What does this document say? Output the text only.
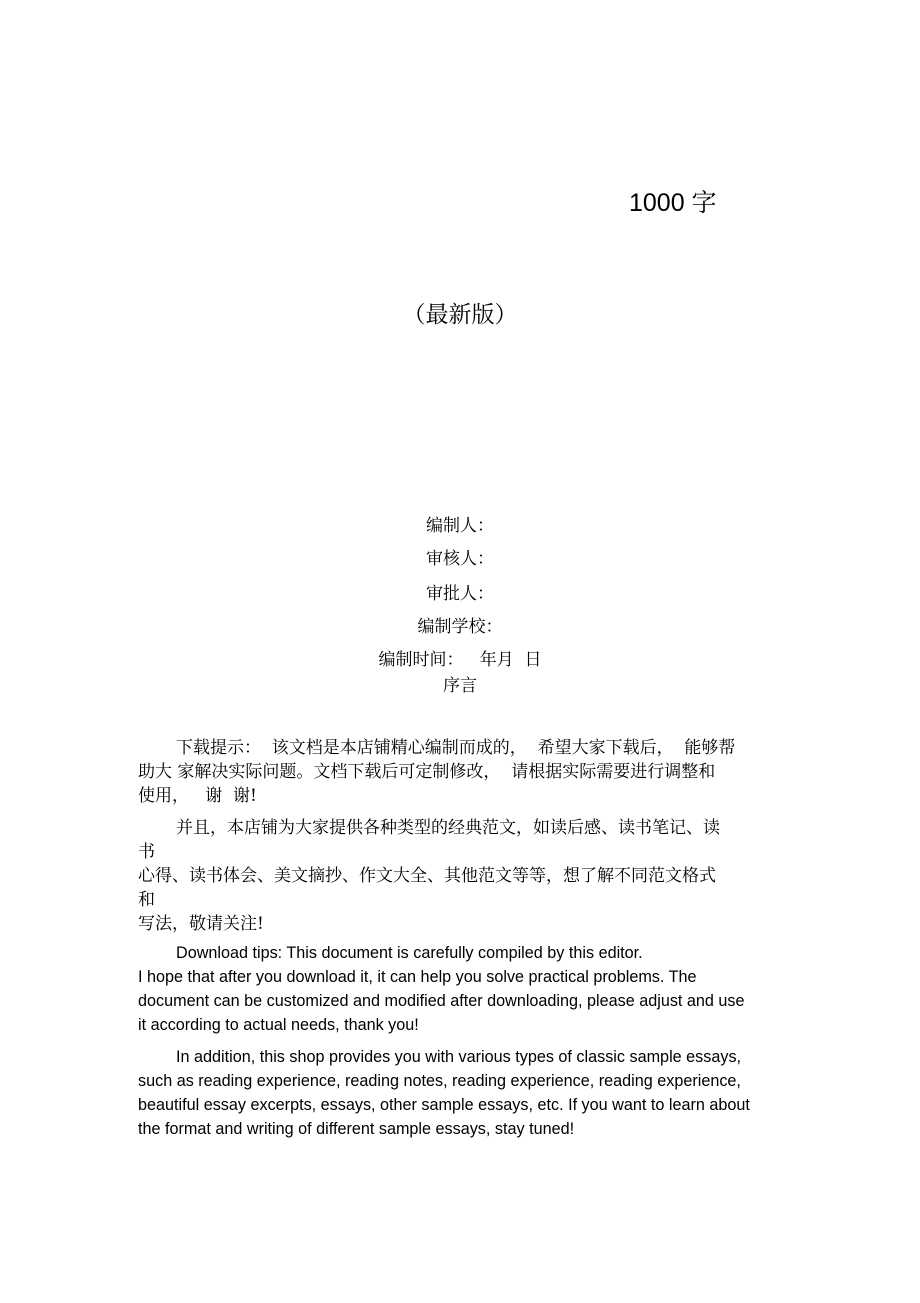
1000 字
（最新版）
编制人：
审核人：
审批人：
编制学校：
编制时间：   年月  日
序言

下载提示：  该文档是本店铺精心编制而成的，  希望大家下载后，  能够帮

助大 家解决实际问题。文档下载后可定制修改，  请根据实际需要进行调整和

使用，   谢  谢!

并且，本店铺为大家提供各种类型的经典范文，如读后感、读书笔记、读

书

心得、读书体会、美文摘抄、作文大全、其他范文等等，想了解不同范文格式

和

写法，敬请关注!

Download tips: This document is carefully compiled by this editor.

I hope that after you download it, it can help you solve practical problems. The

document can be customized and modified after downloading, please adjust and use

it according to actual needs, thank you!

In addition, this shop provides you with various types of classic sample essays,

such as reading experience, reading notes, reading experience, reading experience,

beautiful essay excerpts, essays, other sample essays, etc. If you want to learn about

the format and writing of different sample essays, stay tuned!
